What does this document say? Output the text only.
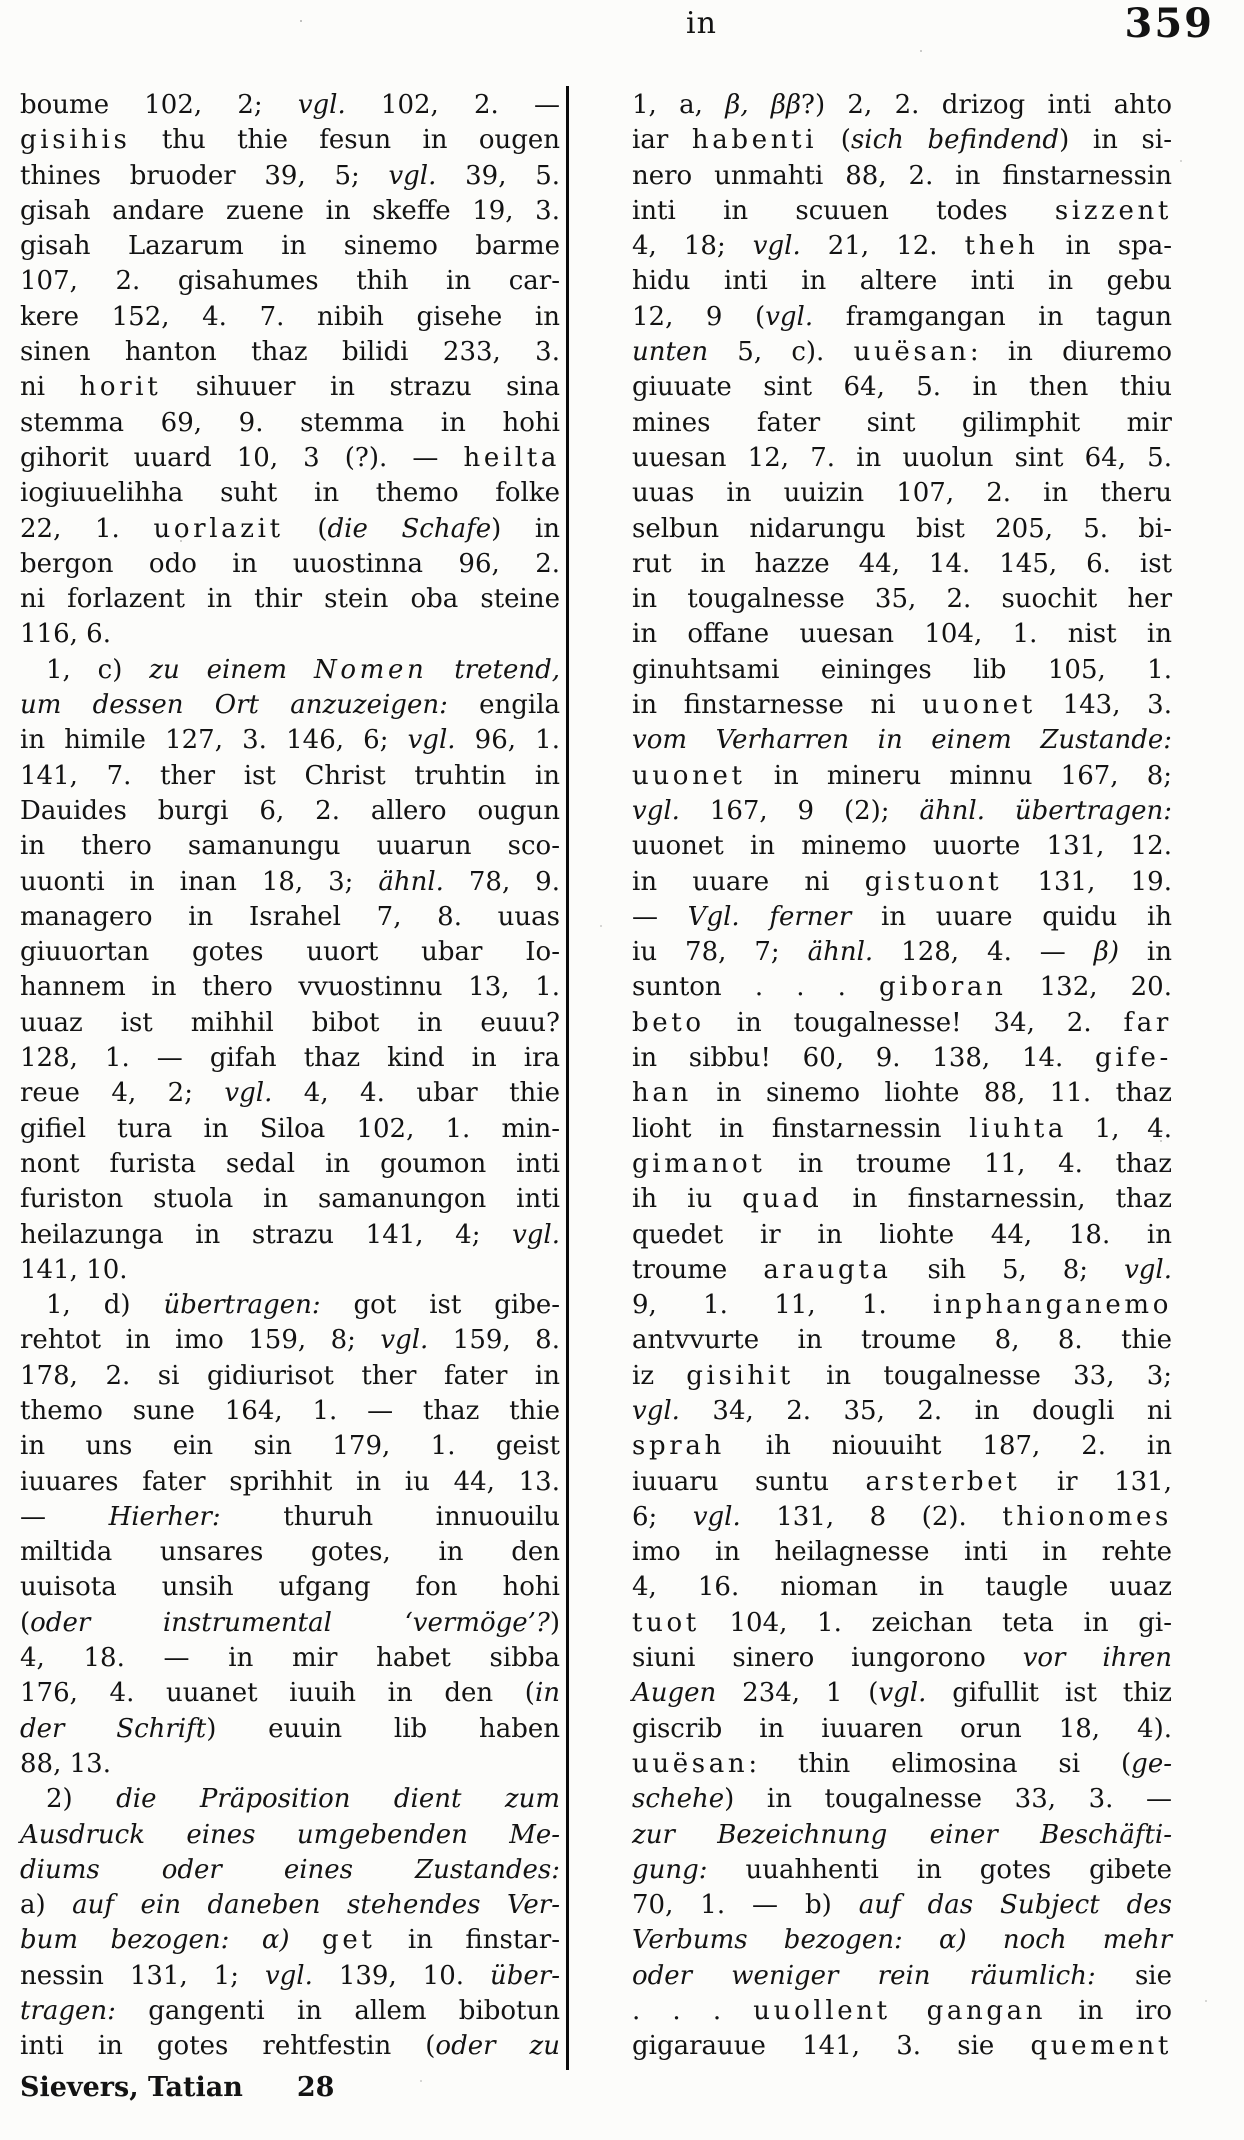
in	359
boume 102, 2; vgl. 102, 2. —
gisihis thu thie fesun in ougen
thines bruoder 39, 5; vgl. 39, 5.
gisah andare zuene in skeffe 19, 3.
gisah Lazarum in sinemo barme
107, 2. gisahumes thih in car-
kere 152, 4. 7. nibih gisehe in
sinen hanton thaz bilidi 233, 3.
ni horit sihuuer in strazu sina
stemma 69, 9. stemma in hohi
gihorit uuard 10, 3 (?). — heilta
iogiuuelihha suht in themo folke
22, 1. uorlazit (die Schafe) in
bergon odo in uuostinna 96, 2.
ni forlazent in thir stein oba steine
116, 6.
1, c) zu einem Nomen tretend,
um dessen Ort anzuzeigen: engila
in himile 127, 3. 146, 6; vgl. 96, 1.
141, 7. ther ist Christ truhtin in
Dauides burgi 6, 2. allero ougun
in thero samanungu uuarun sco-
uuonti in inan 18, 3; ähnl. 78, 9.
managero in Israhel 7, 8. uuas
giuuortan gotes uuort ubar Io-
hannem in thero vvuostinnu 13, 1.
uuaz ist mihhil bibot in euuu?
128, 1. — gifah thaz kind in ira
reue 4, 2; vgl. 4, 4. ubar thie
gifiel tura in Siloa 102, 1. min-
nont furista sedal in goumon inti
furiston stuola in samanungon inti
heilazunga in strazu 141, 4; vgl.
141, 10.
1, d) übertragen: got ist gibe-
rehtot in imo 159, 8; vgl. 159, 8.
178, 2. si gidiurisot ther fater in
themo sune 164, 1. — thaz thie
in uns ein sin 179, 1. geist
iuuares fater sprihhit in iu 44, 13.
— Hierher: thuruh innuouilu
miltida unsares gotes, in den
uuisota unsih ufgang fon hohi
(oder instrumental ‘vermöge’?)
4, 18. — in mir habet sibba
176, 4. uuanet iuuih in den (in
der Schrift) euuin lib haben
88, 13.
2) die Präposition dient zum
Ausdruck eines umgebenden Me-
diums oder eines Zustandes:
a) auf ein daneben stehendes Ver-
bum bezogen: α) get in finstar-
nessin 131, 1; vgl. 139, 10. über-
tragen: gangenti in allem bibotun
inti in gotes rehtfestin (oder zu
1, a, β, ββ?) 2, 2. drizog inti ahto
iar habenti (sich befindend) in si-
nero unmahti 88, 2. in finstarnessin
inti in scuuen todes sizzent
4, 18; vgl. 21, 12. theh in spa-
hidu inti in altere inti in gebu
12, 9 (vgl. framgangan in tagun
unten 5, c). uuësan: in diuremo
giuuate sint 64, 5. in then thiu
mines fater sint gilimphit mir
uuesan 12, 7. in uuolun sint 64, 5.
uuas in uuizin 107, 2. in theru
selbun nidarungu bist 205, 5. bi-
rut in hazze 44, 14. 145, 6. ist
in tougalnesse 35, 2. suochit her
in offane uuesan 104, 1. nist in
ginuhtsami eininges lib 105, 1.
in finstarnesse ni uuonet 143, 3.
vom Verharren in einem Zustande:
uuonet in mineru minnu 167, 8;
vgl. 167, 9 (2); ähnl. übertragen:
uuonet in minemo uuorte 131, 12.
in uuare ni gistuont 131, 19.
— Vgl. ferner in uuare quidu ih
iu 78, 7; ähnl. 128, 4. — β) in
sunton . . . giboran 132, 20.
beto in tougalnesse! 34, 2. far
in sibbu! 60, 9. 138, 14. gife-
han in sinemo liohte 88, 11. thaz
lioht in finstarnessin liuhta 1, 4.
gimanot in troume 11, 4. thaz
ih iu quad in finstarnessin, thaz
quedet ir in liohte 44, 18. in
troume araugta sih 5, 8; vgl.
9, 1. 11, 1. inphanganemo
antvvurte in troume 8, 8. thie
iz gisihit in tougalnesse 33, 3;
vgl. 34, 2. 35, 2. in dougli ni
sprah ih niouuiht 187, 2. in
iuuaru suntu arsterbet ir 131,
6; vgl. 131, 8 (2). thionomes
imo in heilagnesse inti in rehte
4, 16. nioman in taugle uuaz
tuot 104, 1. zeichan teta in gi-
siuni sinero iungorono vor ihren
Augen 234, 1 (vgl. gifullit ist thiz
giscrib in iuuaren orun 18, 4).
uuësan: thin elimosina si (ge-
schehe) in tougalnesse 33, 3. —
zur Bezeichnung einer Beschäfti-
gung: uuahhenti in gotes gibete
70, 1. — b) auf das Subject des
Verbums bezogen: α) noch mehr
oder weniger rein räumlich: sie
. . . uuollent gangan in iro
gigarauue 141, 3. sie quement
Sievers, Tatian 28
